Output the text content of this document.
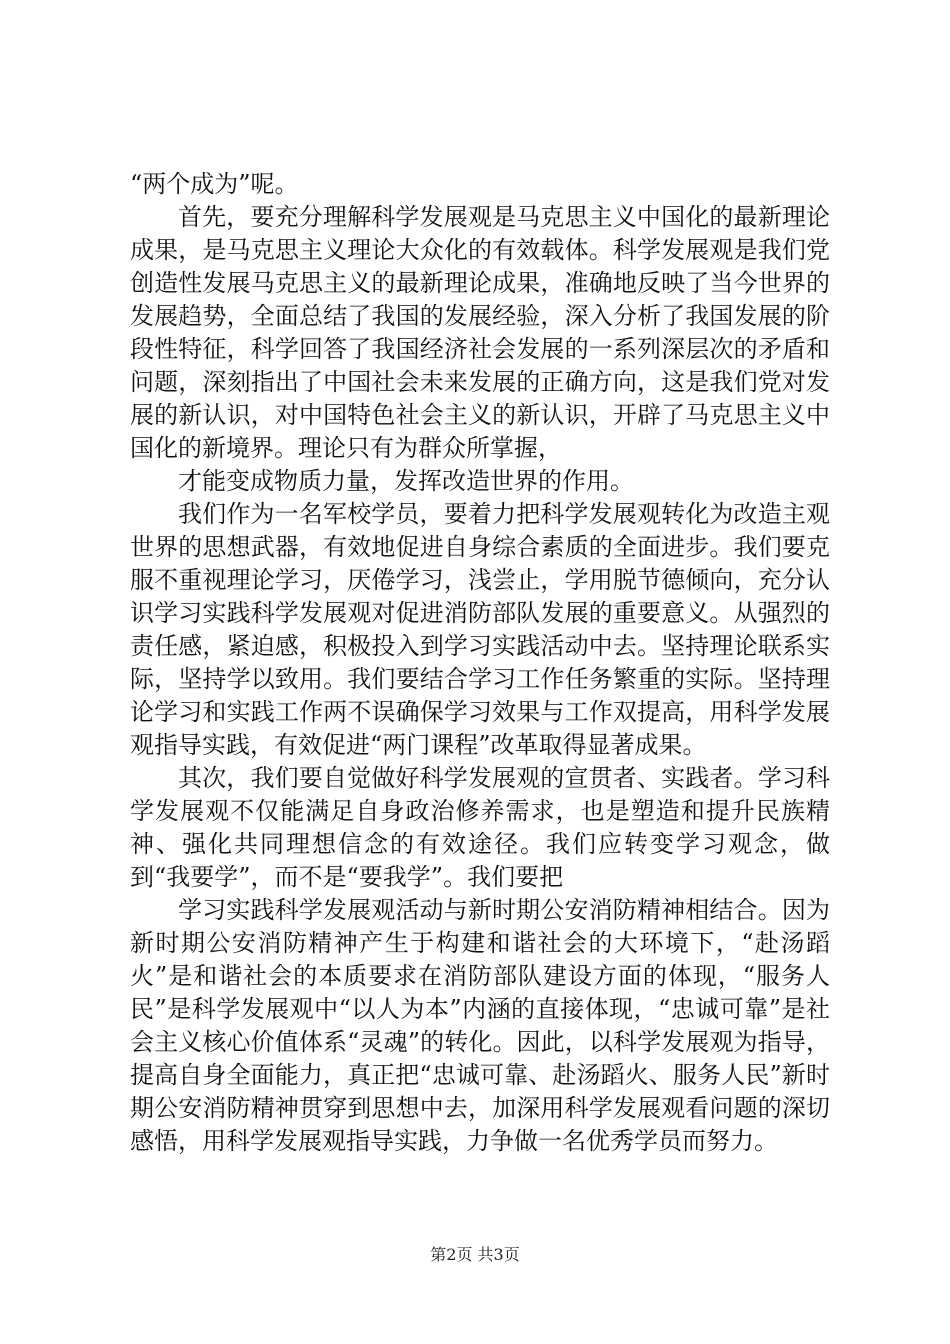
“两个成为”呢。

首先，要充分理解科学发展观是马克思主义中国化的最新理论成果，是马克思主义理论大众化的有效载体。科学发展观是我们党创造性发展马克思主义的最新理论成果，准确地反映了当今世界的发展趋势，全面总结了我国的发展经验，深入分析了我国发展的阶段性特征，科学回答了我国经济社会发展的一系列深层次的矛盾和问题，深刻指出了中国社会未来发展的正确方向，这是我们党对发展的新认识，对中国特色社会主义的新认识，开辟了马克思主义中国化的新境界。理论只有为群众所掌握，

才能变成物质力量，发挥改造世界的作用。

我们作为一名军校学员，要着力把科学发展观转化为改造主观世界的思想武器，有效地促进自身综合素质的全面进步。我们要克服不重视理论学习，厌倦学习，浅尝止，学用脱节德倾向，充分认识学习实践科学发展观对促进消防部队发展的重要意义。从强烈的责任感，紧迫感，积极投入到学习实践活动中去。坚持理论联系实际，坚持学以致用。我们要结合学习工作任务繁重的实际。坚持理论学习和实践工作两不误确保学习效果与工作双提高，用科学发展观指导实践，有效促进“两门课程”改革取得显著成果。

其次，我们要自觉做好科学发展观的宣贯者、实践者。学习科学发展观不仅能满足自身政治修养需求，也是塑造和提升民族精神、强化共同理想信念的有效途径。我们应转变学习观念，做到“我要学”，而不是“要我学”。我们要把

学习实践科学发展观活动与新时期公安消防精神相结合。因为新时期公安消防精神产生于构建和谐社会的大环境下，“赴汤蹈火”是和谐社会的本质要求在消防部队建设方面的体现，“服务人民”是科学发展观中“以人为本”内涵的直接体现，“忠诚可靠”是社会主义核心价值体系“灵魂”的转化。因此，以科学发展观为指导，提高自身全面能力，真正把“忠诚可靠、赴汤蹈火、服务人民”新时期公安消防精神贯穿到思想中去，加深用科学发展观看问题的深切感悟，用科学发展观指导实践，力争做一名优秀学员而努力。

第2页 共3页
